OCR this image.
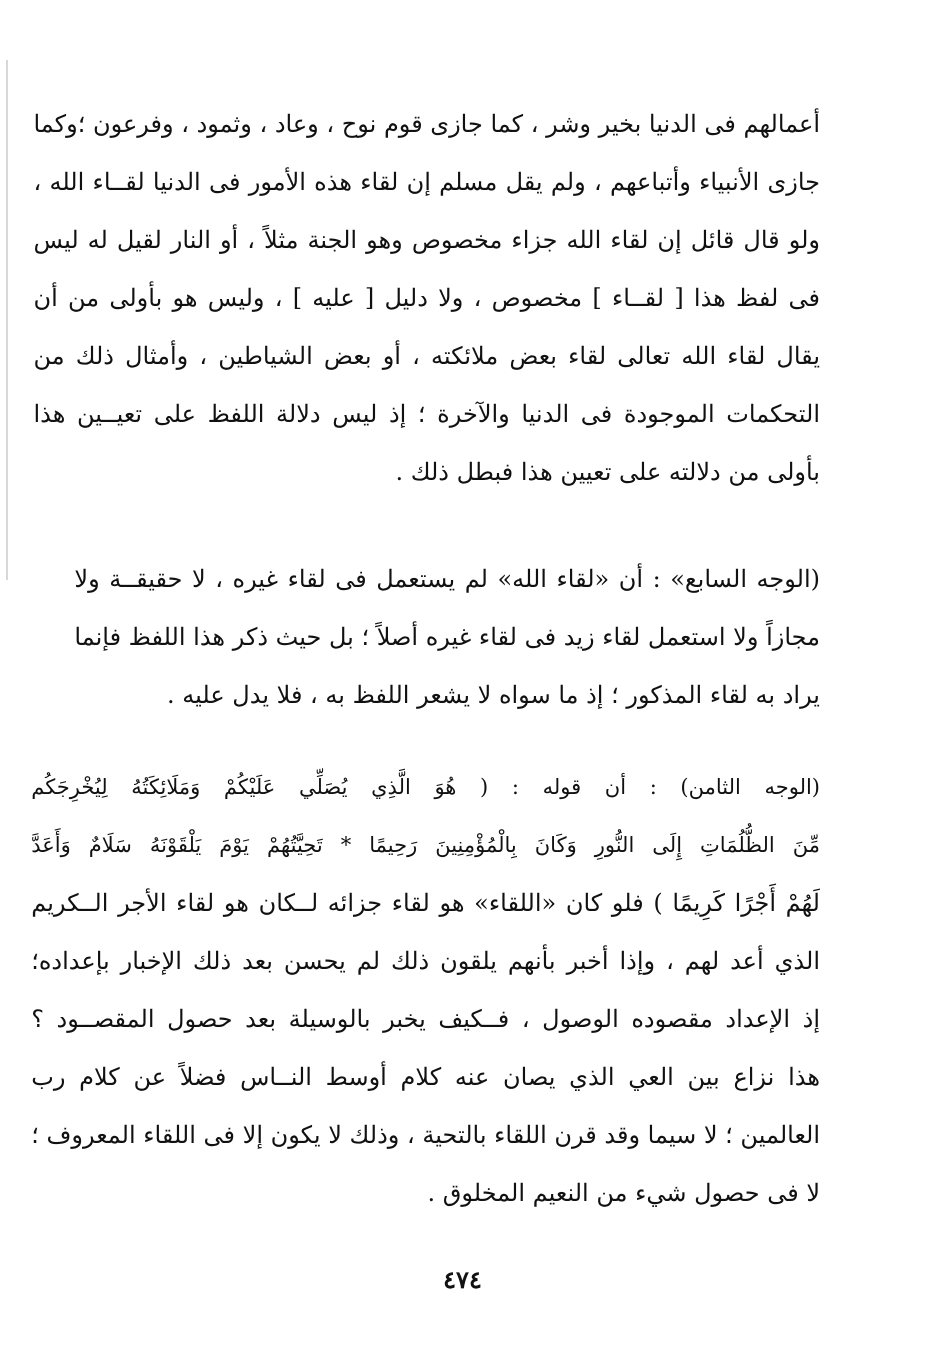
أعمالهم فى الدنيا بخير وشر ، كما جازى قوم نوح ، وعاد ، وثمود ، وفرعون ؛وكما
جازى الأنبياء وأتباعهم ، ولم يقل مسلم إن لقاء هذه الأمور فى الدنيا لقــاء الله ،
ولو قال قائل إن لقاء الله جزاء مخصوص وهو الجنة مثلاً ، أو النار لقيل له ليس
فى لفظ هذا [ لقــاء ] مخصوص ، ولا دليل [ عليه ] ، وليس هو بأولى من أن
يقال لقاء الله تعالى لقاء بعض ملائكته ، أو بعض الشياطين ، وأمثال ذلك من
التحكمات الموجودة فى الدنيا والآخرة ؛ إذ ليس دلالة اللفظ على تعيــين هذا
بأولى من دلالته على تعيين هذا فبطل ذلك .
(الوجه السابع» : أن «لقاء الله» لم يستعمل فى لقاء غيره ، لا حقيقــة ولا
مجازاً ولا استعمل لقاء زيد فى لقاء غيره أصلاً ؛ بل حيث ذكر هذا اللفظ فإنما
يراد به لقاء المذكور ؛ إذ ما سواه لا يشعر اللفظ به ، فلا يدل عليه .
(الوجه الثامن) : أن قوله : ( هُوَ الَّذِي يُصَلِّي عَلَيْكُمْ وَمَلَائِكَتُهُ لِيُخْرِجَكُم
مِّنَ الظُّلُمَاتِ إِلَى النُّورِ وَكَانَ بِالْمُؤْمِنِينَ رَحِيمًا * تَحِيَّتُهُمْ يَوْمَ يَلْقَوْنَهُ سَلَامٌ وَأَعَدَّ
لَهُمْ أَجْرًا كَرِيمًا ) فلو كان «اللقاء» هو لقاء جزائه لــكان هو لقاء الأجر الــكريم
الذي أعد لهم ، وإذا أخبر بأنهم يلقون ذلك لم يحسن بعد ذلك الإخبار بإعداده؛
إذ الإعداد مقصوده الوصول ، فــكيف يخبر بالوسيلة بعد حصول المقصــود ؟
هذا نزاع بين العي الذي يصان عنه كلام أوسط النــاس فضلاً عن كلام رب
العالمين ؛ لا سيما وقد قرن اللقاء بالتحية ، وذلك لا يكون إلا فى اللقاء المعروف ؛
لا فى حصول شيء من النعيم المخلوق .
٤٧٤
